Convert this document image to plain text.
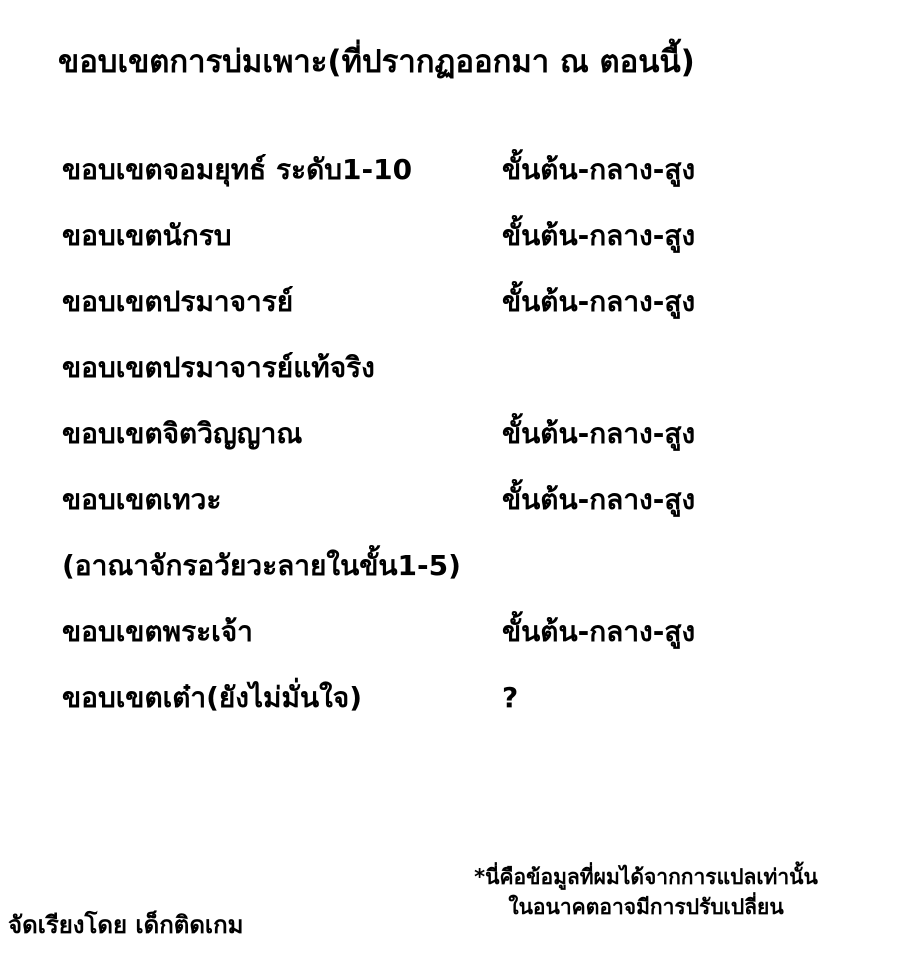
ขอบเขตการบ่มเพาะ(ที่ปรากฏออกมา ณ ตอนนี้)
ขอบเขตจอมยุทธ์ ระดับ1-10	ขั้นต้น-กลาง-สูง
ขอบเขตนักรบ	ขั้นต้น-กลาง-สูง
ขอบเขตปรมาจารย์	ขั้นต้น-กลาง-สูง
ขอบเขตปรมาจารย์แท้จริง
ขอบเขตจิตวิญญาณ	ขั้นต้น-กลาง-สูง
ขอบเขตเทวะ	ขั้นต้น-กลาง-สูง
(อาณาจักรอวัยวะลายในขั้น1-5)
ขอบเขตพระเจ้า	ขั้นต้น-กลาง-สูง
ขอบเขตเต๋า(ยังไม่มั่นใจ)	?
*นี่คือข้อมูลที่ผมได้จากการแปลเท่านั้น
ในอนาคตอาจมีการปรับเปลี่ยน
จัดเรียงโดย เด็กติดเกม
